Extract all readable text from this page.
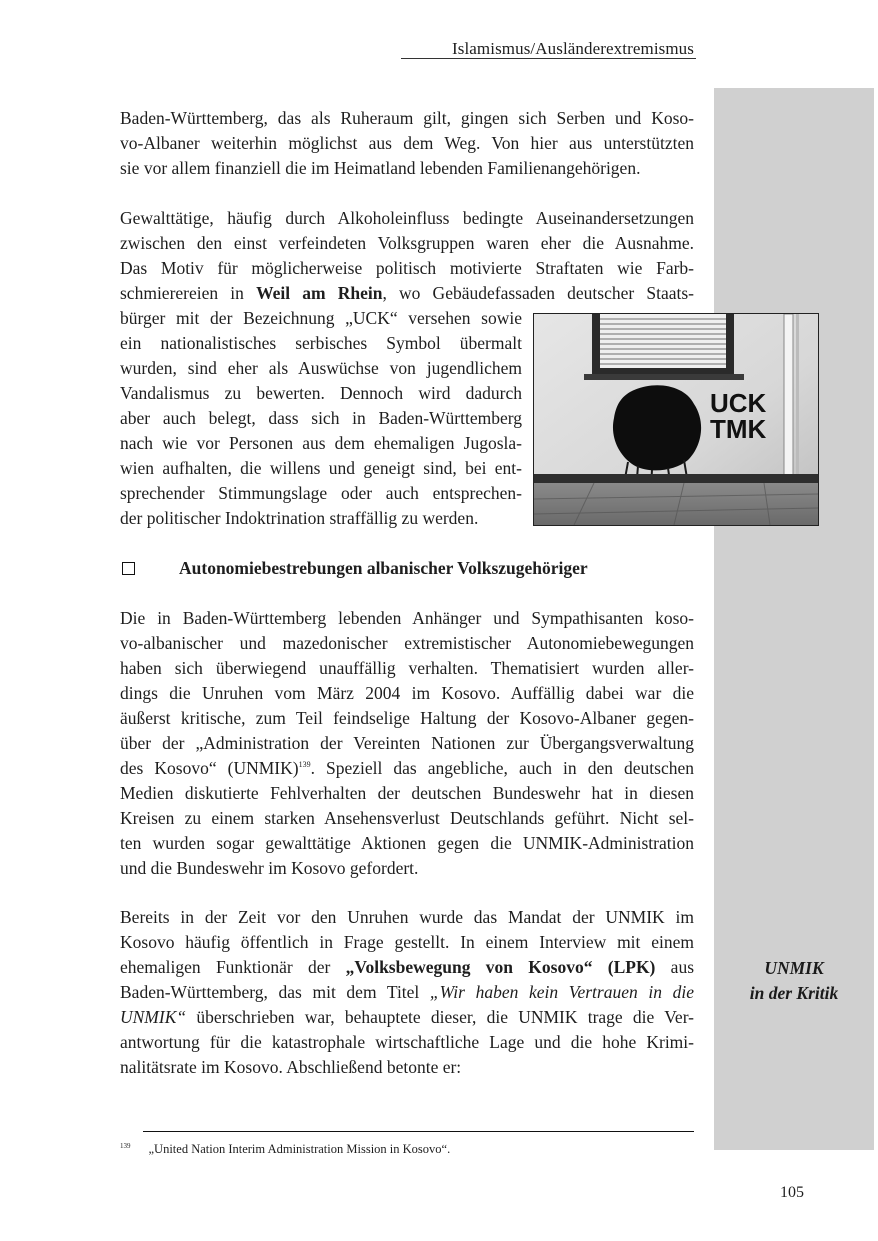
Islamismus/Ausländerextremismus
UNMIK
in der Kritik
Baden-Württemberg, das als Ruheraum gilt, gingen sich Serben und Koso-
vo-Albaner weiterhin möglichst aus dem Weg. Von hier aus unterstützten
sie vor allem finanziell die im Heimatland lebenden Familienangehörigen.
Gewalttätige, häufig durch Alkoholeinfluss bedingte Auseinandersetzungen
zwischen den einst verfeindeten Volksgruppen waren eher die Ausnahme.
Das Motiv für möglicherweise politisch motivierte Straftaten wie Farb-
schmierereien in Weil am Rhein, wo Gebäudefassaden deutscher Staats-
bürger mit der Bezeichnung „UCK“ versehen sowie
ein nationalistisches serbisches Symbol übermalt
wurden, sind eher als Auswüchse von jugendlichem
Vandalismus zu bewerten. Dennoch wird dadurch
aber auch belegt, dass sich in Baden-Württemberg
nach wie vor Personen aus dem ehemaligen Jugosla-
wien aufhalten, die willens und geneigt sind, bei ent-
sprechender Stimmungslage oder auch entsprechen-
der politischer Indoktrination straffällig zu werden.
UCK
TMK
Autonomiebestrebungen albanischer Volkszugehöriger
Die in Baden-Württemberg lebenden Anhänger und Sympathisanten koso-
vo-albanischer und mazedonischer extremistischer Autonomiebewegungen
haben sich überwiegend unauffällig verhalten. Thematisiert wurden aller-
dings die Unruhen vom März 2004 im Kosovo. Auffällig dabei war die
äußerst kritische, zum Teil feindselige Haltung der Kosovo-Albaner gegen-
über der „Administration der Vereinten Nationen zur Übergangsverwaltung
des Kosovo“ (UNMIK)$^{139}$. Speziell das angebliche, auch in den deutschen
Medien diskutierte Fehlverhalten der deutschen Bundeswehr hat in diesen
Kreisen zu einem starken Ansehensverlust Deutschlands geführt. Nicht sel-
ten wurden sogar gewalttätige Aktionen gegen die UNMIK-Administration
und die Bundeswehr im Kosovo gefordert.
Bereits in der Zeit vor den Unruhen wurde das Mandat der UNMIK im
Kosovo häufig öffentlich in Frage gestellt. In einem Interview mit einem
ehemaligen Funktionär der „Volksbewegung von Kosovo“ (LPK) aus
Baden-Württemberg, das mit dem Titel „Wir haben kein Vertrauen in die
UNMIK“ überschrieben war, behauptete dieser, die UNMIK trage die Ver-
antwortung für die katastrophale wirtschaftliche Lage und die hohe Krimi-
nalitätsrate im Kosovo. Abschließend betonte er:
$^{139}$ „United Nation Interim Administration Mission in Kosovo“.
105
